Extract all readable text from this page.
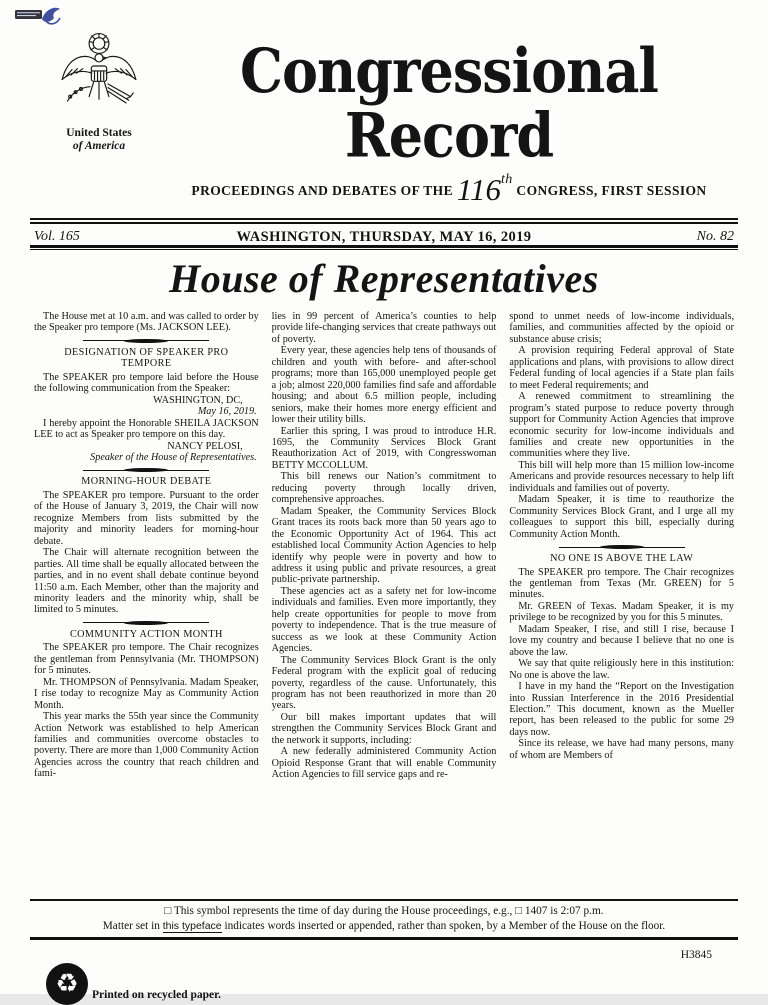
United States
of America
Congressional Record
PROCEEDINGS AND DEBATES OF THE 116th CONGRESS, FIRST SESSION
Vol. 165	WASHINGTON, THURSDAY, MAY 16, 2019	No. 82
House of Representatives
The House met at 10 a.m. and was called to order by the Speaker pro tempore (Ms. JACKSON LEE).
DESIGNATION OF SPEAKER PRO TEMPORE
The SPEAKER pro tempore laid before the House the following communication from the Speaker:
WASHINGTON, DC,
May 16, 2019.
I hereby appoint the Honorable SHEILA JACKSON LEE to act as Speaker pro tempore on this day.
NANCY PELOSI,
Speaker of the House of Representatives.
MORNING-HOUR DEBATE
The SPEAKER pro tempore. Pursuant to the order of the House of January 3, 2019, the Chair will now recognize Members from lists submitted by the majority and minority leaders for morning-hour debate.
The Chair will alternate recognition between the parties. All time shall be equally allocated between the parties, and in no event shall debate continue beyond 11:50 a.m. Each Member, other than the majority and minority leaders and the minority whip, shall be limited to 5 minutes.
COMMUNITY ACTION MONTH
The SPEAKER pro tempore. The Chair recognizes the gentleman from Pennsylvania (Mr. THOMPSON) for 5 minutes.
Mr. THOMPSON of Pennsylvania. Madam Speaker, I rise today to recognize May as Community Action Month.
This year marks the 55th year since the Community Action Network was established to help American families and communities overcome obstacles to poverty. There are more than 1,000 Community Action Agencies across the country that reach children and fami-
lies in 99 percent of America’s counties to help provide life-changing services that create pathways out of poverty.
Every year, these agencies help tens of thousands of children and youth with before- and after-school programs; more than 165,000 unemployed people get a job; almost 220,000 families find safe and affordable housing; and about 6.5 million people, including seniors, make their homes more energy efficient and lower their utility bills.
Earlier this spring, I was proud to introduce H.R. 1695, the Community Services Block Grant Reauthorization Act of 2019, with Congresswoman BETTY MCCOLLUM.
This bill renews our Nation’s commitment to reducing poverty through locally driven, comprehensive approaches.
Madam Speaker, the Community Services Block Grant traces its roots back more than 50 years ago to the Economic Opportunity Act of 1964. This act established local Community Action Agencies to help identify why people were in poverty and how to address it using public and private resources, a great public-private partnership.
These agencies act as a safety net for low-income individuals and families. Even more importantly, they help create opportunities for people to move from poverty to independence. That is the true measure of success as we look at these Community Action Agencies.
The Community Services Block Grant is the only Federal program with the explicit goal of reducing poverty, regardless of the cause. Unfortunately, this program has not been reauthorized in more than 20 years.
Our bill makes important updates that will strengthen the Community Services Block Grant and the network it supports, including:
A new federally administered Community Action Opioid Response Grant that will enable Community Action Agencies to fill service gaps and re-
spond to unmet needs of low-income individuals, families, and communities affected by the opioid or substance abuse crisis;
A provision requiring Federal approval of State applications and plans, with provisions to allow direct Federal funding of local agencies if a State plan fails to meet Federal requirements; and
A renewed commitment to streamlining the program’s stated purpose to reduce poverty through support for Community Action Agencies that improve economic security for low-income individuals and families and create new opportunities in the communities where they live.
This bill will help more than 15 million low-income Americans and provide resources necessary to help lift individuals and families out of poverty.
Madam Speaker, it is time to reauthorize the Community Services Block Grant, and I urge all my colleagues to support this bill, especially during Community Action Month.
NO ONE IS ABOVE THE LAW
The SPEAKER pro tempore. The Chair recognizes the gentleman from Texas (Mr. GREEN) for 5 minutes.
Mr. GREEN of Texas. Madam Speaker, it is my privilege to be recognized by you for this 5 minutes.
Madam Speaker, I rise, and still I rise, because I love my country and because I believe that no one is above the law.
We say that quite religiously here in this institution: No one is above the law.
I have in my hand the “Report on the Investigation into Russian Interference in the 2016 Presidential Election.” This document, known as the Mueller report, has been released to the public for some 29 days now.
Since its release, we have had many persons, many of whom are Members of
□ This symbol represents the time of day during the House proceedings, e.g., □ 1407 is 2:07 p.m.
Matter set in this typeface indicates words inserted or appended, rather than spoken, by a Member of the House on the floor.
H3845
♻	Printed on recycled paper.
